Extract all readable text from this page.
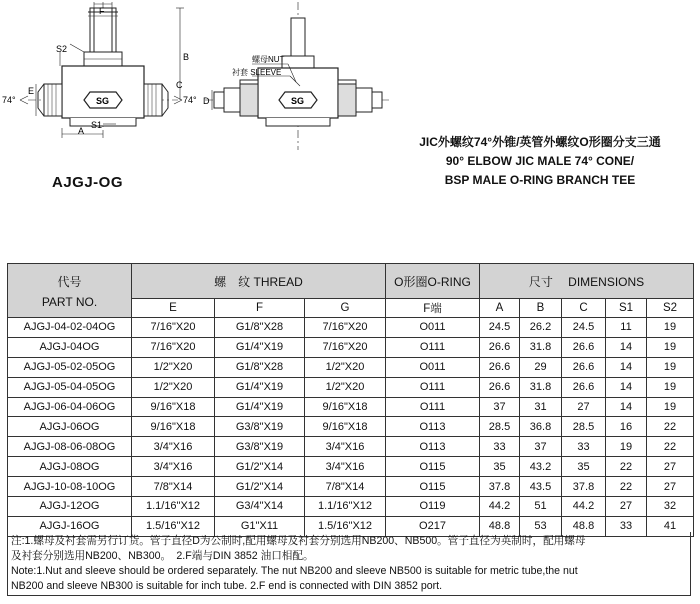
F
S2
B
C
E
A
S1
74°	74°
SG
螺母NUT
衬套 SLEEVE
D	SG
AJGJ-OG
JIC外螺纹74°外锥/英管外螺纹O形圈分支三通
90° ELBOW JIC MALE 74° CONE/
BSP MALE O-RING BRANCH TEE
代号
PART NO.	螺　纹 THREAD			O形圈O-RING	尺寸　 DIMENSIONS				
	E	F	G	F端	A	B	C	S1	S2
AJGJ-04-02-04OG	7/16"X20	G1/8"X28	7/16"X20	O011	24.5	26.2	24.5	11	19
AJGJ-04OG	7/16"X20	G1/4"X19	7/16"X20	O111	26.6	31.8	26.6	14	19
AJGJ-05-02-05OG	1/2"X20	G1/8"X28	1/2"X20	O011	26.6	29	26.6	14	19
AJGJ-05-04-05OG	1/2"X20	G1/4"X19	1/2"X20	O111	26.6	31.8	26.6	14	19
AJGJ-06-04-06OG	9/16"X18	G1/4"X19	9/16"X18	O111	37	31	27	14	19
AJGJ-06OG	9/16"X18	G3/8"X19	9/16"X18	O113	28.5	36.8	28.5	16	22
AJGJ-08-06-08OG	3/4"X16	G3/8"X19	3/4"X16	O113	33	37	33	19	22
AJGJ-08OG	3/4"X16	G1/2"X14	3/4"X16	O115	35	43.2	35	22	27
AJGJ-10-08-10OG	7/8"X14	G1/2"X14	7/8"X14	O115	37.8	43.5	37.8	22	27
AJGJ-12OG	1.1/16"X12	G3/4"X14	1.1/16"X12	O119	44.2	51	44.2	27	32
AJGJ-16OG	1.5/16"X12	G1"X11	1.5/16"X12	O217	48.8	53	48.8	33	41
注:1.螺母及衬套需另行订货。管子直径D为公制时,配用螺母及衬套分别选用NB200、NB500。管子直径为英制时，配用螺母
及衬套分别选用NB200、NB300。　2.F端与DIN 3852 油口相配。
Note:1.Nut and sleeve should be ordered separately. The nut NB200 and sleeve NB500 is suitable for metric tube,the nut
NB200 and sleeve NB300 is suitable for inch tube. 2.F end is connected with DIN 3852 port.
